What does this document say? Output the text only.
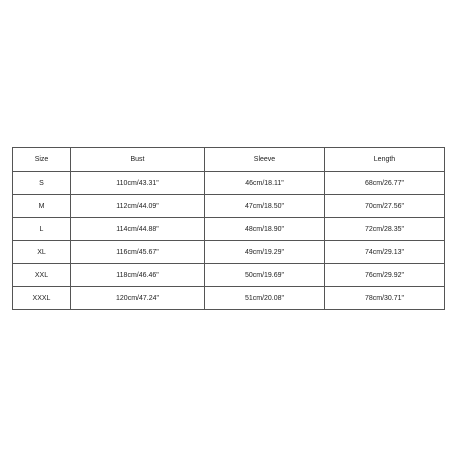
Size	Bust	Sleeve	Length
S	110cm/43.31"	46cm/18.11"	68cm/26.77"
M	112cm/44.09"	47cm/18.50"	70cm/27.56"
L	114cm/44.88"	48cm/18.90"	72cm/28.35"
XL	116cm/45.67"	49cm/19.29"	74cm/29.13"
XXL	118cm/46.46"	50cm/19.69"	76cm/29.92"
XXXL	120cm/47.24"	51cm/20.08"	78cm/30.71"
